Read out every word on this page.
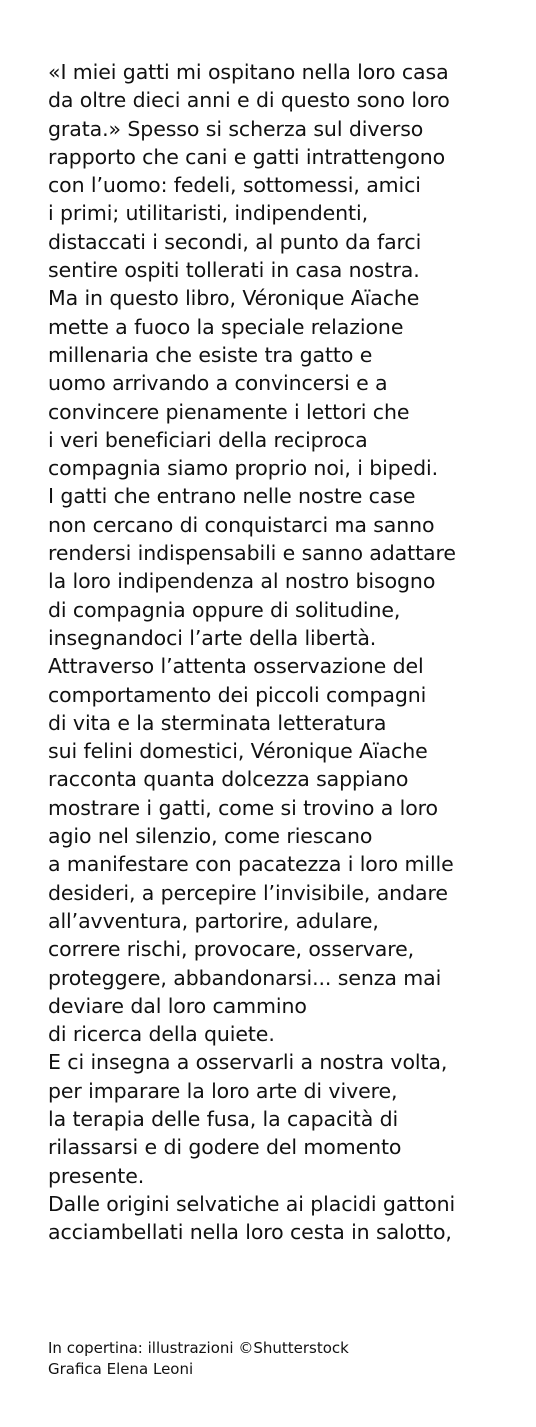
«I miei gatti mi ospitano nella loro casa
da oltre dieci anni e di questo sono loro
grata.» Spesso si scherza sul diverso
rapporto che cani e gatti intrattengono
con l’uomo: fedeli, sottomessi, amici
i primi; utilitaristi, indipendenti,
distaccati i secondi, al punto da farci
sentire ospiti tollerati in casa nostra.
Ma in questo libro, Véronique Aïache
mette a fuoco la speciale relazione
millenaria che esiste tra gatto e
uomo arrivando a convincersi e a
convincere pienamente i lettori che
i veri beneficiari della reciproca
compagnia siamo proprio noi, i bipedi.
I gatti che entrano nelle nostre case
non cercano di conquistarci ma sanno
rendersi indispensabili e sanno adattare
la loro indipendenza al nostro bisogno
di compagnia oppure di solitudine,
insegnandoci l’arte della libertà.
Attraverso l’attenta osservazione del
comportamento dei piccoli compagni
di vita e la sterminata letteratura
sui felini domestici, Véronique Aïache
racconta quanta dolcezza sappiano
mostrare i gatti, come si trovino a loro
agio nel silenzio, come riescano
a manifestare con pacatezza i loro mille
desideri, a percepire l’invisibile, andare
all’avventura, partorire, adulare,
correre rischi, provocare, osservare,
proteggere, abbandonarsi... senza mai
deviare dal loro cammino
di ricerca della quiete.
E ci insegna a osservarli a nostra volta,
per imparare la loro arte di vivere,
la terapia delle fusa, la capacità di
rilassarsi e di godere del momento
presente.
Dalle origini selvatiche ai placidi gattoni
acciambellati nella loro cesta in salotto,
In copertina: illustrazioni ©Shutterstock
Grafica Elena Leoni
